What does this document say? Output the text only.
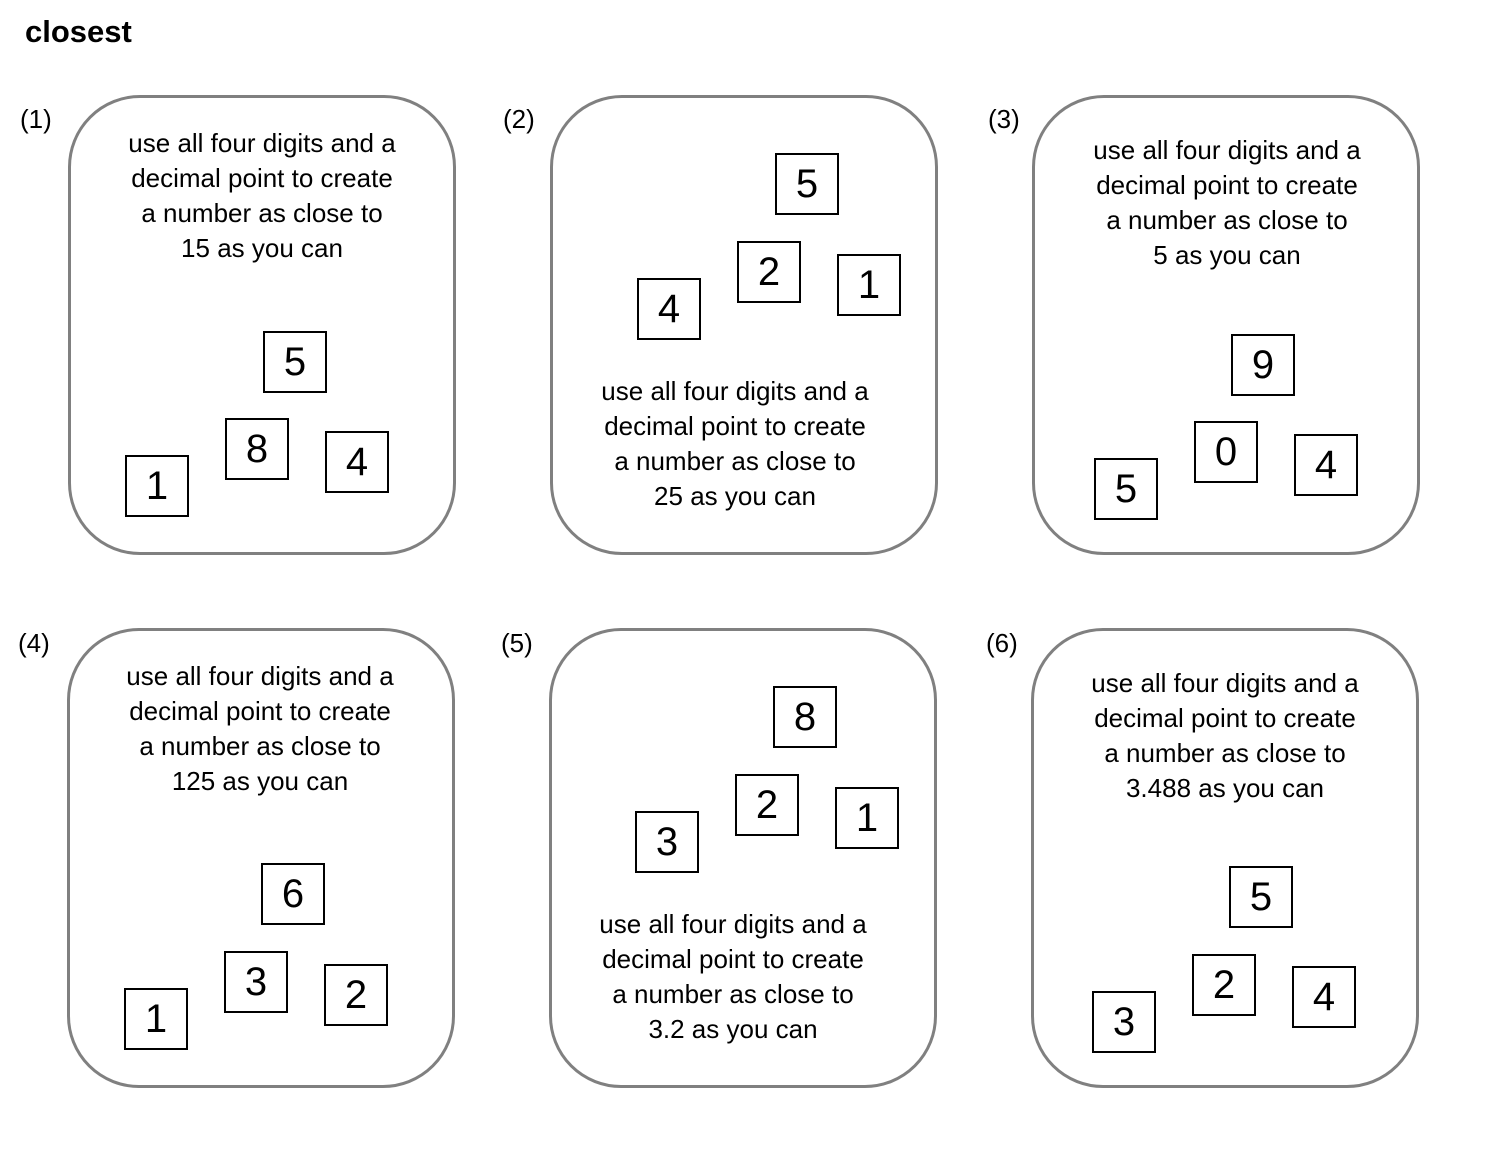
closest
(1)
use all four digits and a
decimal point to create
a number as close to
15 as you can
5
8	4
1
(2)
use all four digits and a
decimal point to create
a number as close to
25 as you can
5
2	1
4
(3)
use all four digits and a
decimal point to create
a number as close to
5 as you can
9
0	4
5
(4)
use all four digits and a
decimal point to create
a number as close to
125 as you can
6
3	2
1
(5)
use all four digits and a
decimal point to create
a number as close to
3.2 as you can
8
2	1
3
(6)
use all four digits and a
decimal point to create
a number as close to
3.488 as you can
5
2	4
3
